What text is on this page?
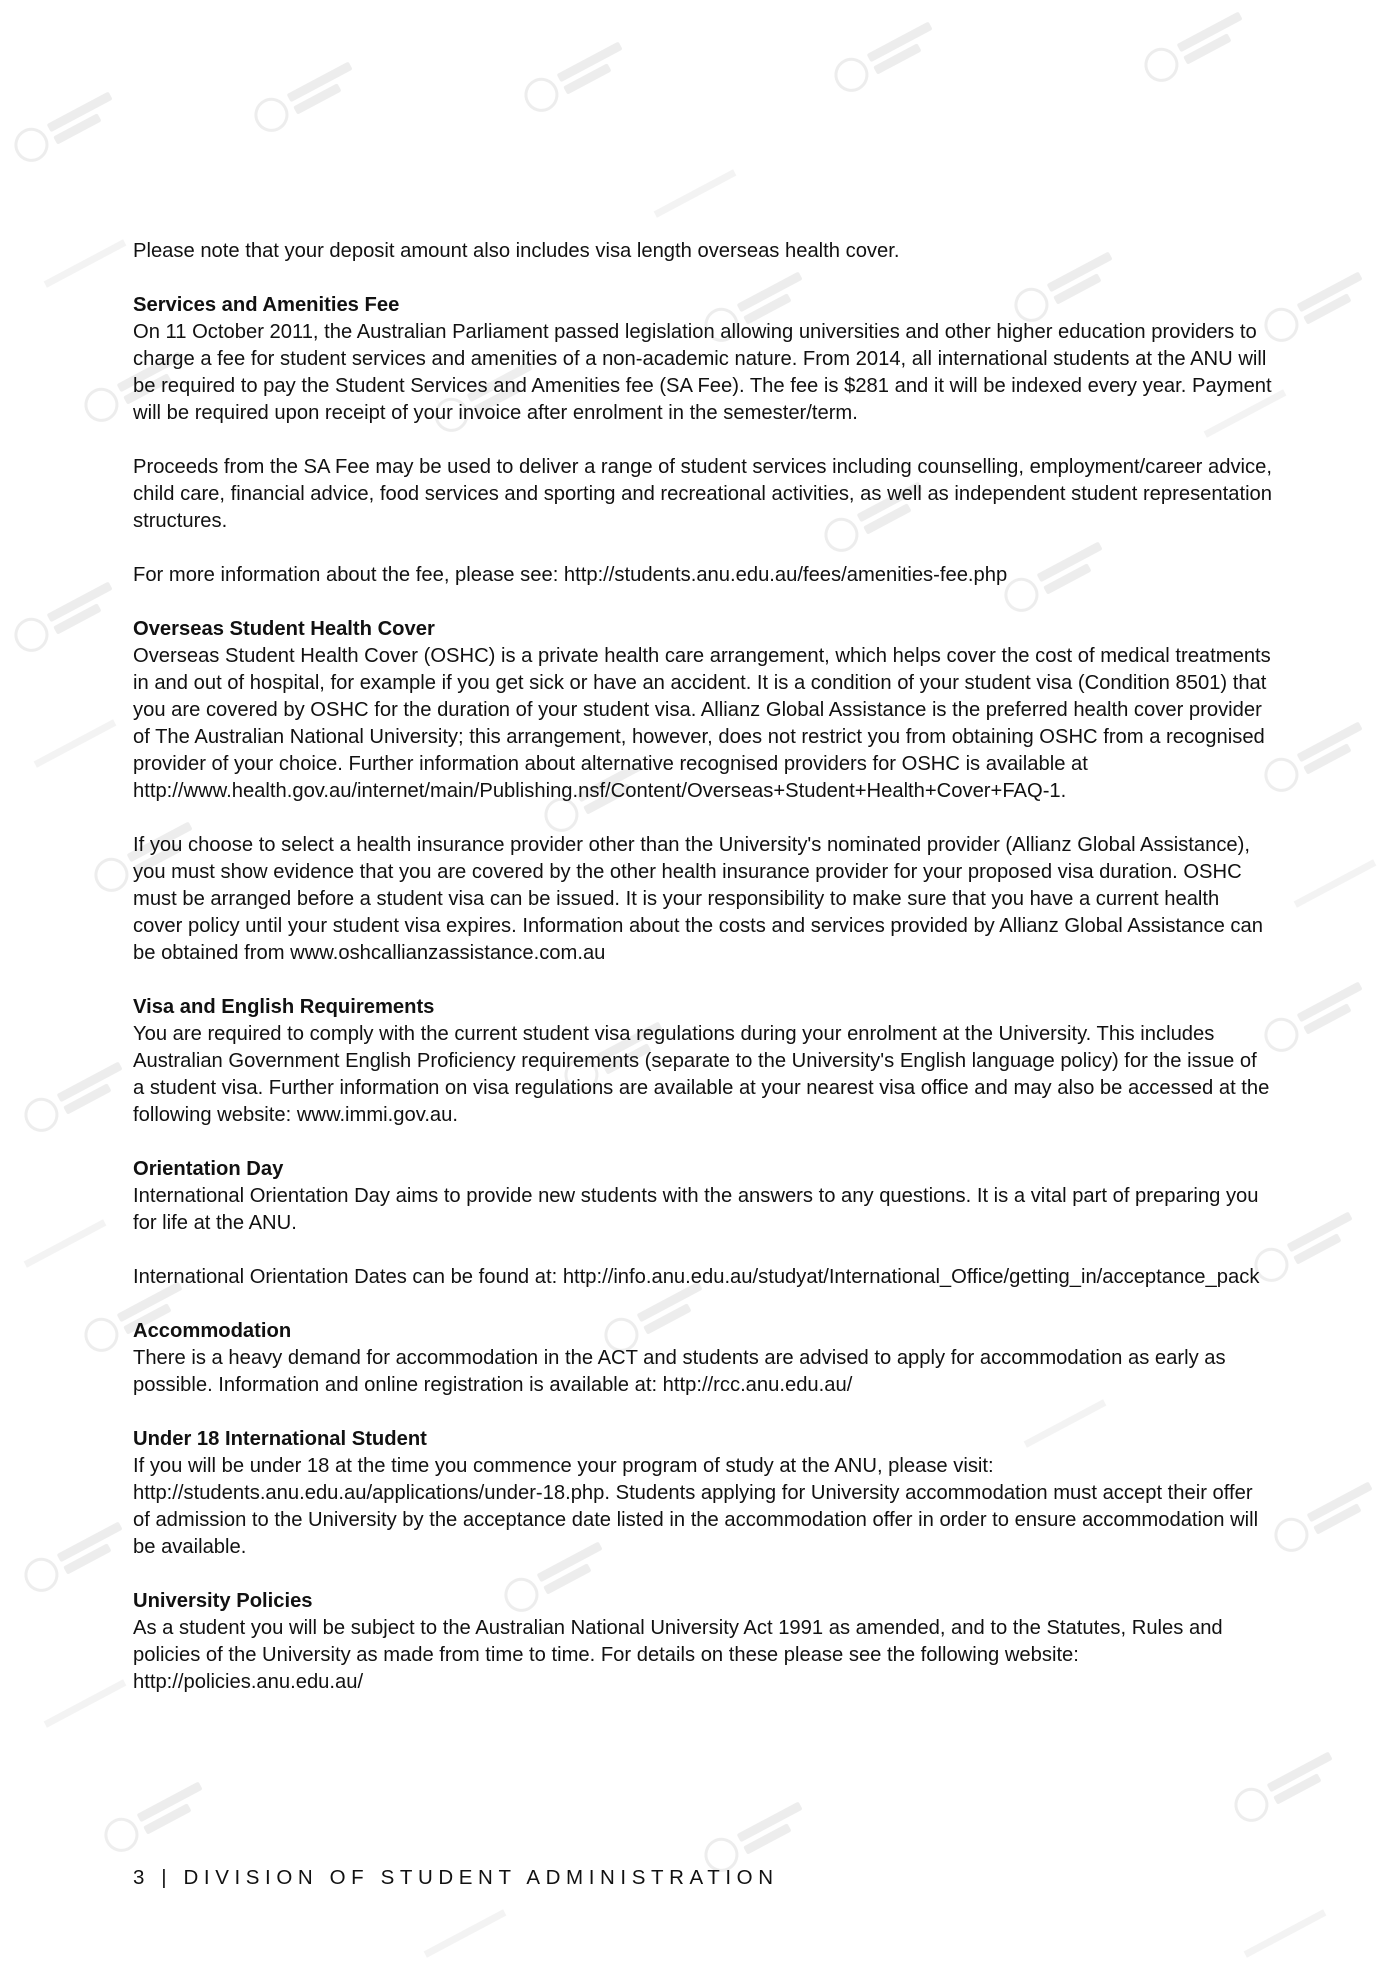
Please note that your deposit amount also includes visa length overseas health cover.

Services and Amenities Fee

On 11 October 2011, the Australian Parliament passed legislation allowing universities and other higher education providers to charge a fee for student services and amenities of a non-academic nature. From 2014, all international students at the ANU will be required to pay the Student Services and Amenities fee (SA Fee). The fee is $281 and it will be indexed every year. Payment will be required upon receipt of your invoice after enrolment in the semester/term.

Proceeds from the SA Fee may be used to deliver a range of student services including counselling, employment/career advice, child care, financial advice, food services and sporting and recreational activities, as well as independent student representation structures.

For more information about the fee, please see: http://students.anu.edu.au/fees/amenities-fee.php

Overseas Student Health Cover

Overseas Student Health Cover (OSHC) is a private health care arrangement, which helps cover the cost of medical treatments in and out of hospital, for example if you get sick or have an accident. It is a condition of your student visa (Condition 8501) that you are covered by OSHC for the duration of your student visa. Allianz Global Assistance is the preferred health cover provider of The Australian National University; this arrangement, however, does not restrict you from obtaining OSHC from a recognised provider of your choice. Further information about alternative recognised providers for OSHC is available at http://www.health.gov.au/internet/main/Publishing.nsf/Content/Overseas+Student+Health+Cover+FAQ-1.

If you choose to select a health insurance provider other than the University's nominated provider (Allianz Global Assistance), you must show evidence that you are covered by the other health insurance provider for your proposed visa duration. OSHC must be arranged before a student visa can be issued. It is your responsibility to make sure that you have a current health cover policy until your student visa expires. Information about the costs and services provided by Allianz Global Assistance can be obtained from www.oshcallianzassistance.com.au

Visa and English Requirements

You are required to comply with the current student visa regulations during your enrolment at the University. This includes Australian Government English Proficiency requirements (separate to the University's English language policy) for the issue of a student visa. Further information on visa regulations are available at your nearest visa office and may also be accessed at the following website: www.immi.gov.au.

Orientation Day

International Orientation Day aims to provide new students with the answers to any questions. It is a vital part of preparing you for life at the ANU.

International Orientation Dates can be found at: http://info.anu.edu.au/studyat/International_Office/getting_in/acceptance_pack

Accommodation

There is a heavy demand for accommodation in the ACT and students are advised to apply for accommodation as early as possible. Information and online registration is available at: http://rcc.anu.edu.au/

Under 18 International Student

If you will be under 18 at the time you commence your program of study at the ANU, please visit: http://students.anu.edu.au/applications/under-18.php. Students applying for University accommodation must accept their offer of admission to the University by the acceptance date listed in the accommodation offer in order to ensure accommodation will be available.

University Policies

As a student you will be subject to the Australian National University Act 1991 as amended, and to the Statutes, Rules and policies of the University as made from time to time. For details on these please see the following website: http://policies.anu.edu.au/

3 | DIVISION OF STUDENT ADMINISTRATION
